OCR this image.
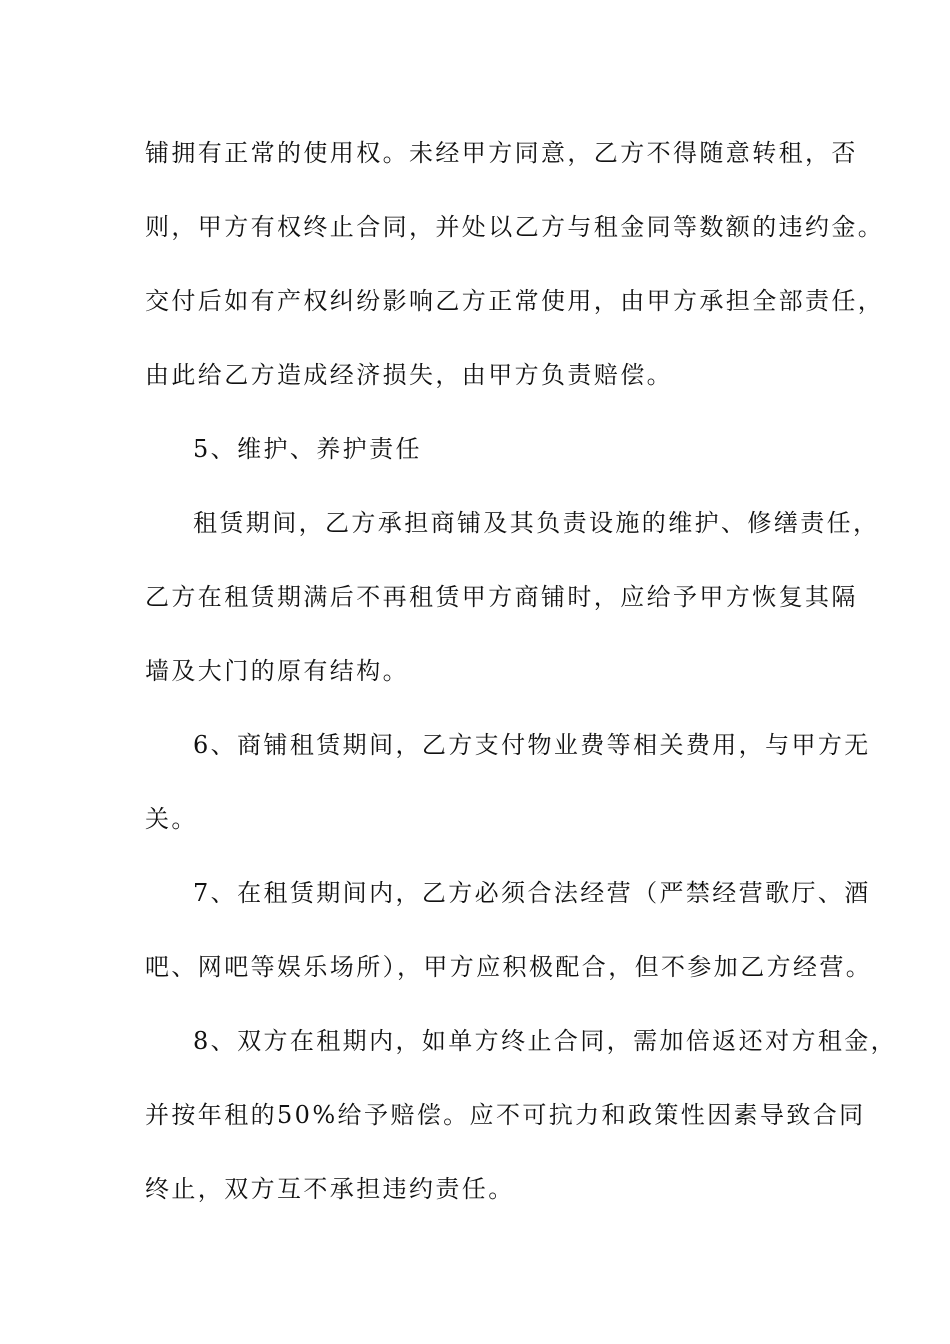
铺拥有正常的使用权。未经甲方同意，乙方不得随意转租，否
则，甲方有权终止合同，并处以乙方与租金同等数额的违约金。
交付后如有产权纠纷影响乙方正常使用，由甲方承担全部责任，
由此给乙方造成经济损失，由甲方负责赔偿。
5、维护、养护责任
租赁期间，乙方承担商铺及其负责设施的维护、修缮责任，
乙方在租赁期满后不再租赁甲方商铺时，应给予甲方恢复其隔
墙及大门的原有结构。
6、商铺租赁期间，乙方支付物业费等相关费用，与甲方无
关。
7、在租赁期间内，乙方必须合法经营（严禁经营歌厅、酒
吧、网吧等娱乐场所），甲方应积极配合，但不参加乙方经营。
8、双方在租期内，如单方终止合同，需加倍返还对方租金，
并按年租的50%给予赔偿。应不可抗力和政策性因素导致合同
终止，双方互不承担违约责任。
